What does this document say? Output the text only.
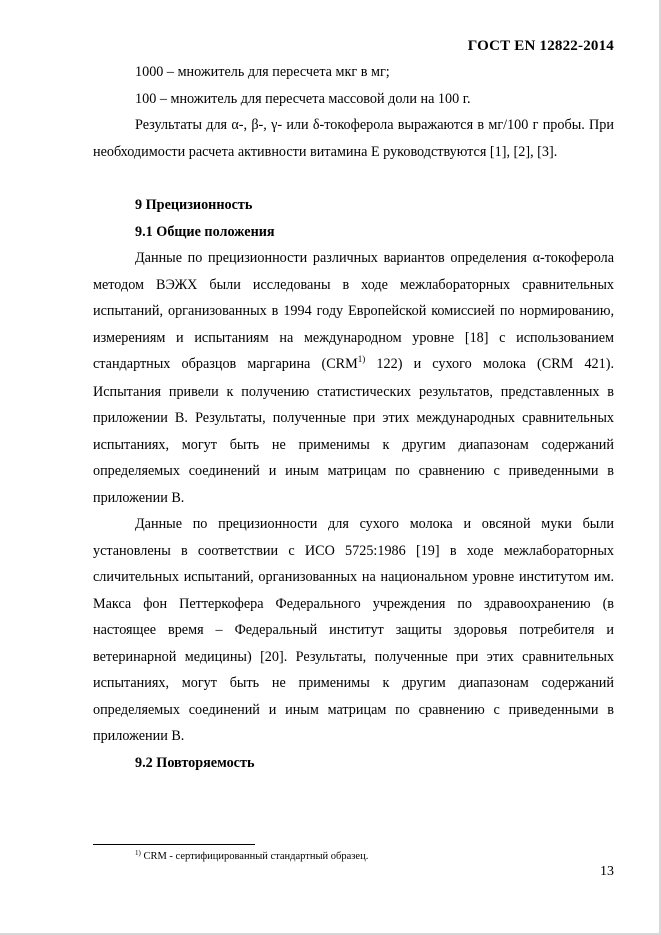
ГОСТ EN 12822-2014

1000 – множитель для пересчета мкг в мг;

100 – множитель для пересчета массовой доли на 100 г.

Результаты для α-, β-, γ- или δ-токоферола выражаются в мг/100 г пробы. При необходимости расчета активности витамина Е руководствуются [1], [2], [3].

9 Прецизионность

9.1 Общие положения

Данные по прецизионности различных вариантов определения α-токоферола методом ВЭЖХ были исследованы в ходе межлабораторных сравнительных испытаний, организованных в 1994 году Европейской комиссией по нормированию, измерениям и испытаниям на международном уровне [18] с использованием стандартных образцов маргарина (CRM$^{1)}$ 122) и сухого молока (CRM 421). Испытания привели к получению статистических результатов, представленных в приложении В. Результаты, полученные при этих международных сравнительных испытаниях, могут быть не применимы к другим диапазонам содержаний определяемых соединений и иным матрицам по сравнению с приведенными в приложении В.

Данные по прецизионности для сухого молока и овсяной муки были установлены в соответствии с ИСО 5725:1986 [19] в ходе межлабораторных сличительных испытаний, организованных на национальном уровне институтом им. Макса фон Петтеркофера Федерального учреждения по здравоохранению (в настоящее время – Федеральный институт защиты здоровья потребителя и ветеринарной медицины) [20]. Результаты, полученные при этих сравнительных испытаниях, могут быть не применимы к другим диапазонам содержаний определяемых соединений и иным матрицам по сравнению с приведенными в приложении В.

9.2 Повторяемость

$^{1)}$ CRM - сертифицированный стандартный образец.
13
